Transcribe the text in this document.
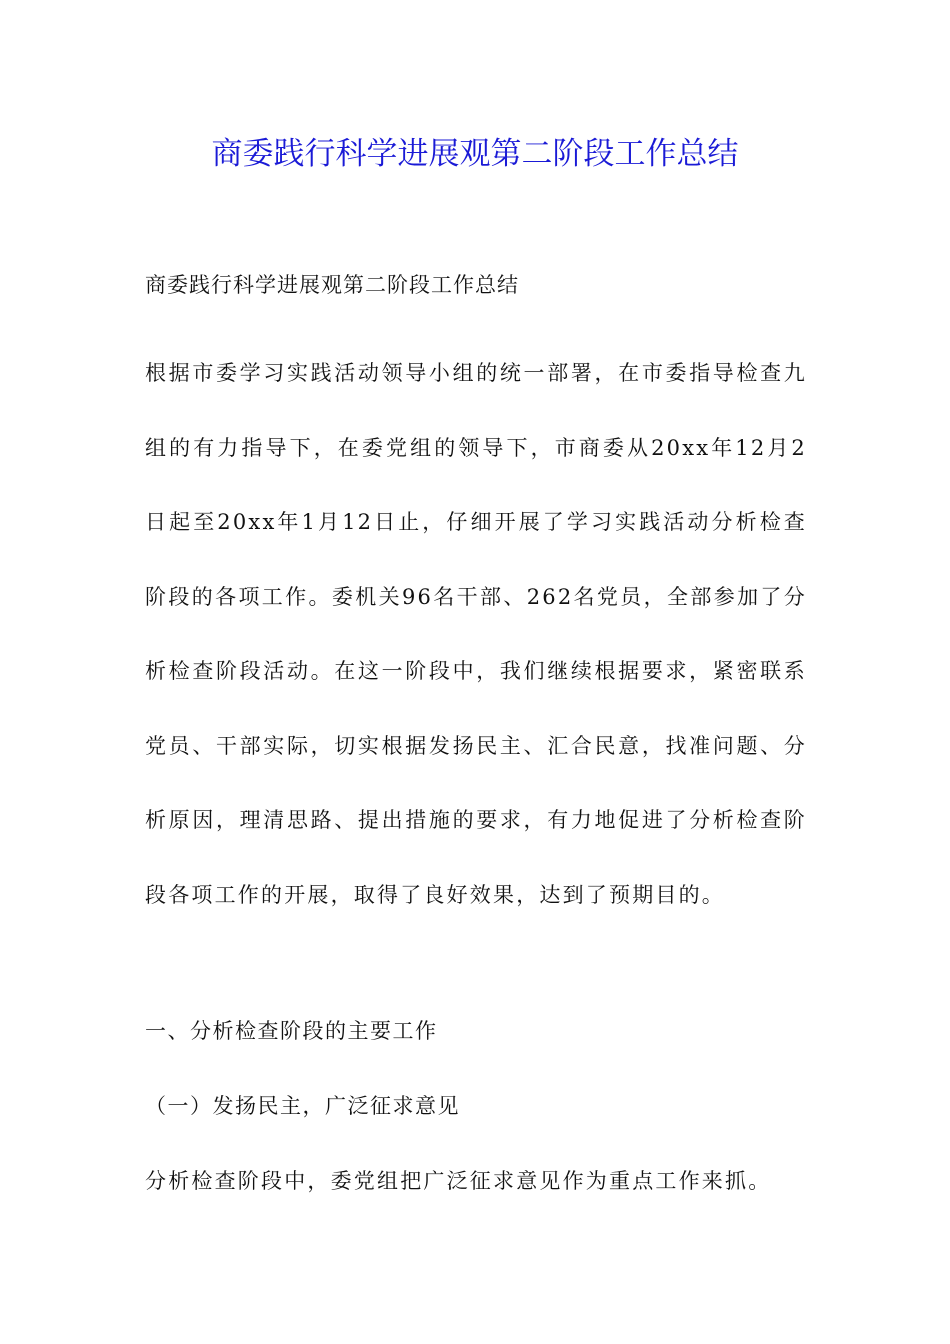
商委践行科学进展观第二阶段工作总结

商委践行科学进展观第二阶段工作总结

根据市委学习实践活动领导小组的统一部署，在市委指导检查九组的有力指导下，在委党组的领导下，市商委从20xx年12月2日起至20xx年1月12日止，仔细开展了学习实践活动分析检查阶段的各项工作。委机关96名干部、262名党员，全部参加了分析检查阶段活动。在这一阶段中，我们继续根据要求，紧密联系党员、干部实际，切实根据发扬民主、汇合民意，找准问题、分析原因，理清思路、提出措施的要求，有力地促进了分析检查阶段各项工作的开展，取得了良好效果，达到了预期目的。

一、分析检查阶段的主要工作

（一）发扬民主，广泛征求意见

分析检查阶段中，委党组把广泛征求意见作为重点工作来抓。
